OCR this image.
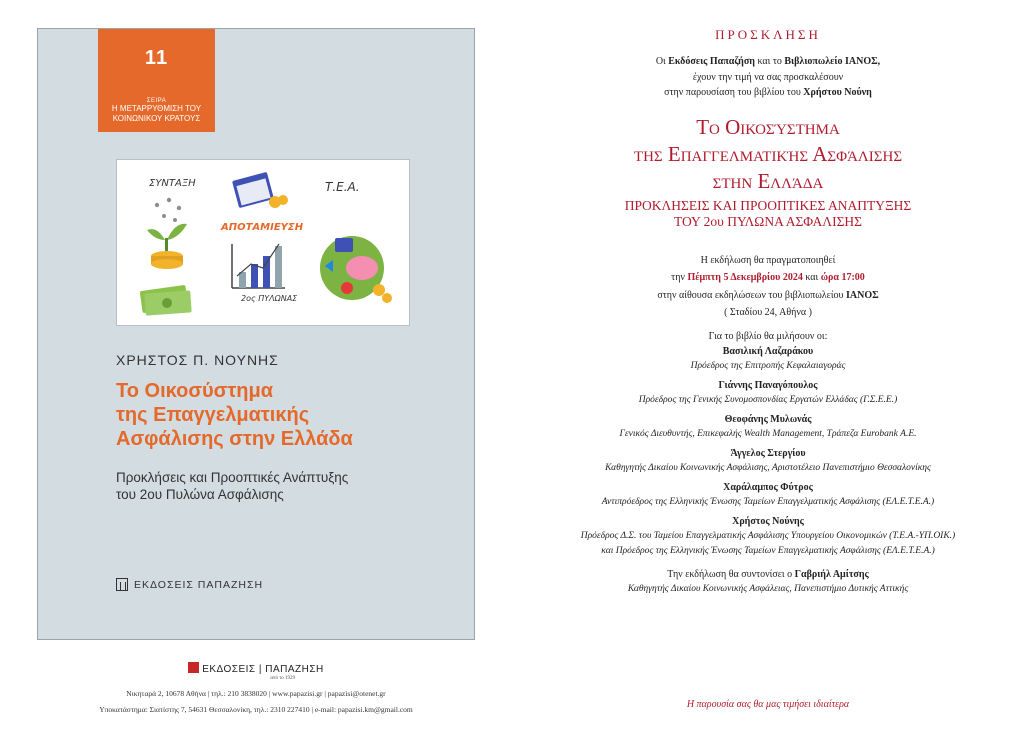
11
ΣΕΙΡΑ
Η ΜΕΤΑΡΡΥΘΜΙΣΗ ΤΟΥ
ΚΟΙΝΩΝΙΚΟΥ ΚΡΑΤΟΥΣ
ΣΥΝΤΑΞΗ	Τ.Ε.Α.
ΑΠΟΤΑΜΙΕΥΣΗ
2ος ΠΥΛΩΝΑΣ
ΧΡΗΣΤΟΣ Π. ΝΟΥΝΗΣ
Το Οικοσύστημα
της Επαγγελματικής
Ασφάλισης στην Ελλάδα
Προκλήσεις και Προοπτικές Ανάπτυξης
του 2ου Πυλώνα Ασφάλισης
ΕΚΔΟΣΕΙΣ ΠΑΠΑΖΗΣΗ
ΕΚΔΟΣΕΙΣ | ΠΑΠΑΖΗΣΗ
από το 1929
Νικηταρά 2, 10678 Αθήνα | τηλ.: 210 3838020 | www.papazisi.gr | papazisi@otenet.gr
Υποκατάστημα: Σιατίστης 7, 54631 Θεσσαλονίκη, τηλ.: 2310 227410 | e-mail: papazisi.km@gmail.com
ΠΡΟΣΚΛΗΣΗ
Οι Εκδόσεις Παπαζήση και το Βιβλιοπωλείο ΙΑΝΟΣ,
έχουν την τιμή να σας προσκαλέσουν
στην παρουσίαση του βιβλίου του Χρήστου Νούνη
Το Οικοσύστημα
της Επαγγελματικής Ασφάλισης
στην Ελλάδα
ΠΡΟΚΛΗΣΕΙΣ ΚΑΙ ΠΡΟΟΠΤΙΚΕΣ ΑΝΑΠΤΥΞΗΣ
ΤΟΥ 2ου ΠΥΛΩΝΑ ΑΣΦΑΛΙΣΗΣ
Η εκδήλωση θα πραγματοποιηθεί
την Πέμπτη 5 Δεκεμβρίου 2024 και ώρα 17:00
στην αίθουσα εκδηλώσεων του βιβλιοπωλείου ΙΑΝΟΣ
( Σταδίου 24, Αθήνα )
Για το βιβλίο θα μιλήσουν οι:
Βασιλική Λαζαράκου
Πρόεδρος της Επιτροπής Κεφαλαιαγοράς
Γιάννης Παναγόπουλος
Πρόεδρος της Γενικής Συνομοσπονδίας Εργατών Ελλάδας (Γ.Σ.Ε.Ε.)
Θεοφάνης Μυλωνάς
Γενικός Διευθυντής, Επικεφαλής Wealth Management, Τράπεζα Eurobank Α.Ε.
Άγγελος Στεργίου
Καθηγητής Δικαίου Κοινωνικής Ασφάλισης, Αριστοτέλειο Πανεπιστήμιο Θεσσαλονίκης
Χαράλαμπος Φύτρος
Αντιπρόεδρος της Ελληνικής Ένωσης Ταμείων Επαγγελματικής Ασφάλισης (ΕΛ.Ε.Τ.Ε.Α.)
Χρήστος Νούνης
Πρόεδρος Δ.Σ. του Ταμείου Επαγγελματικής Ασφάλισης Υπουργείου Οικονομικών (Τ.Ε.Α.-ΥΠ.ΟΙΚ.)
και Πρόεδρος της Ελληνικής Ένωσης Ταμείων Επαγγελματικής Ασφάλισης (ΕΛ.Ε.Τ.Ε.Α.)
Την εκδήλωση θα συντονίσει ο Γαβριήλ Αμίτσης
Καθηγητής Δικαίου Κοινωνικής Ασφάλειας, Πανεπιστήμιο Δυτικής Αττικής
Η παρουσία σας θα μας τιμήσει ιδιαίτερα
